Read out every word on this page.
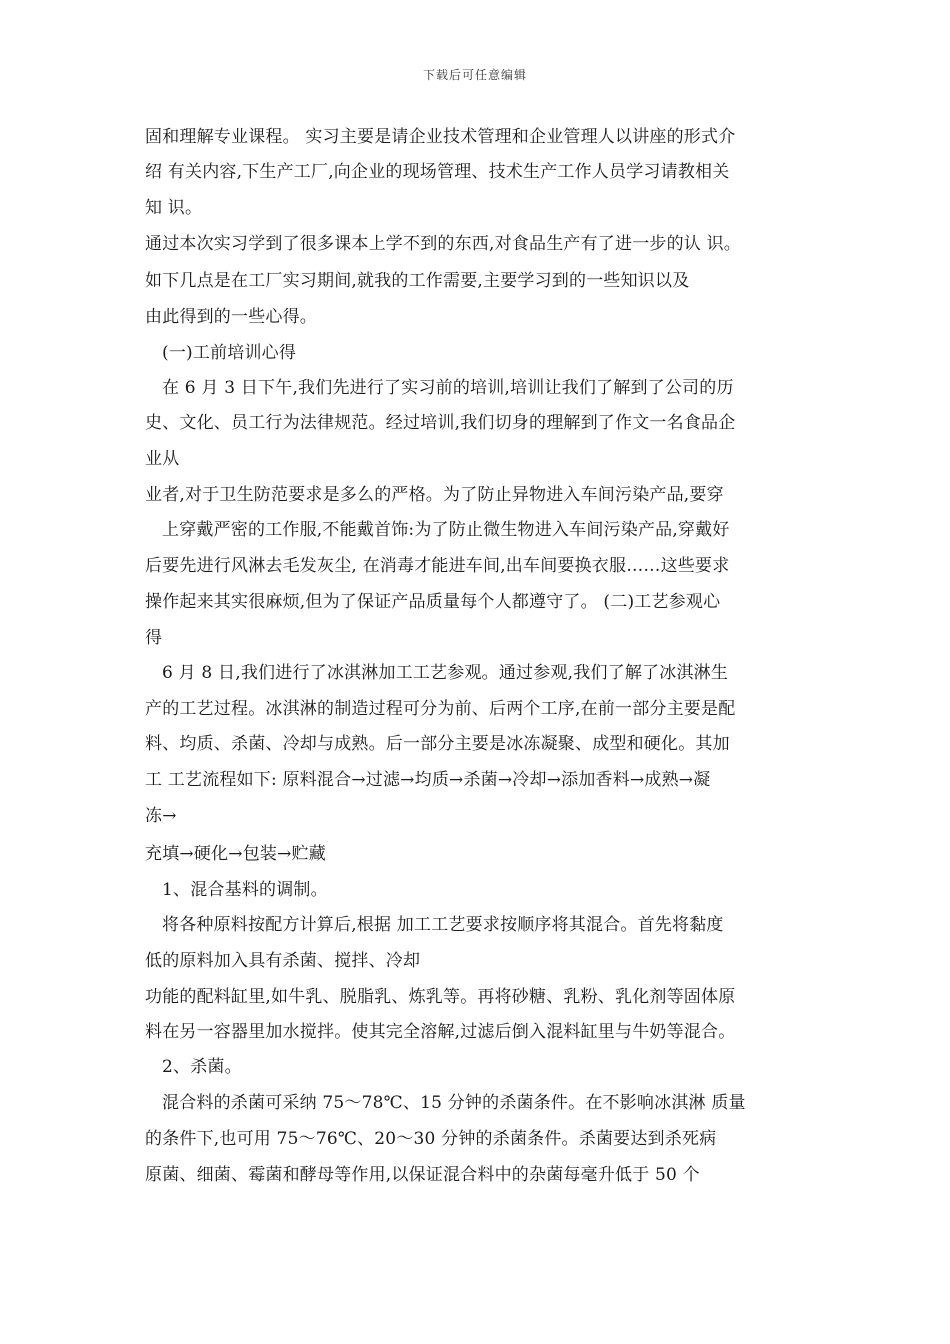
下载后可任意编辑
固和理解专业课程。 实习主要是请企业技术管理和企业管理人以讲座的形式介
绍 有关内容,下生产工厂,向企业的现场管理、技术生产工作人员学习请教相关
知 识。
通过本次实习学到了很多课本上学不到的东西,对食品生产有了进一步的认 识。
如下几点是在工厂实习期间,就我的工作需要,主要学习到的一些知识以及
由此得到的一些心得。
(一)工前培训心得
在 6 月 3 日下午,我们先进行了实习前的培训,培训让我们了解到了公司的历
史、文化、员工行为法律规范。经过培训,我们切身的理解到了作文一名食品企
业从
业者,对于卫生防范要求是多么的严格。为了防止异物进入车间污染产品,要穿
上穿戴严密的工作服,不能戴首饰:为了防止微生物进入车间污染产品,穿戴好
后要先进行风淋去毛发灰尘, 在消毒才能进车间,出车间要换衣服……这些要求
操作起来其实很麻烦,但为了保证产品质量每个人都遵守了。 (二)工艺参观心
得
6 月 8 日,我们进行了冰淇淋加工工艺参观。通过参观,我们了解了冰淇淋生
产的工艺过程。冰淇淋的制造过程可分为前、后两个工序,在前一部分主要是配
料、均质、杀菌、冷却与成熟。后一部分主要是冰冻凝聚、成型和硬化。其加
工 工艺流程如下: 原料混合→过滤→均质→杀菌→冷却→添加香料→成熟→凝
冻→
充填→硬化→包装→贮藏
1、混合基料的调制。
将各种原料按配方计算后,根据 加工工艺要求按顺序将其混合。首先将黏度
低的原料加入具有杀菌、搅拌、冷却
功能的配料缸里,如牛乳、脱脂乳、炼乳等。再将砂糖、乳粉、乳化剂等固体原
料在另一容器里加水搅拌。使其完全溶解,过滤后倒入混料缸里与牛奶等混合。
2、杀菌。
混合料的杀菌可采纳 75～78℃、15 分钟的杀菌条件。在不影响冰淇淋 质量
的条件下,也可用 75～76℃、20～30 分钟的杀菌条件。杀菌要达到杀死病
原菌、细菌、霉菌和酵母等作用,以保证混合料中的杂菌每毫升低于 50 个
